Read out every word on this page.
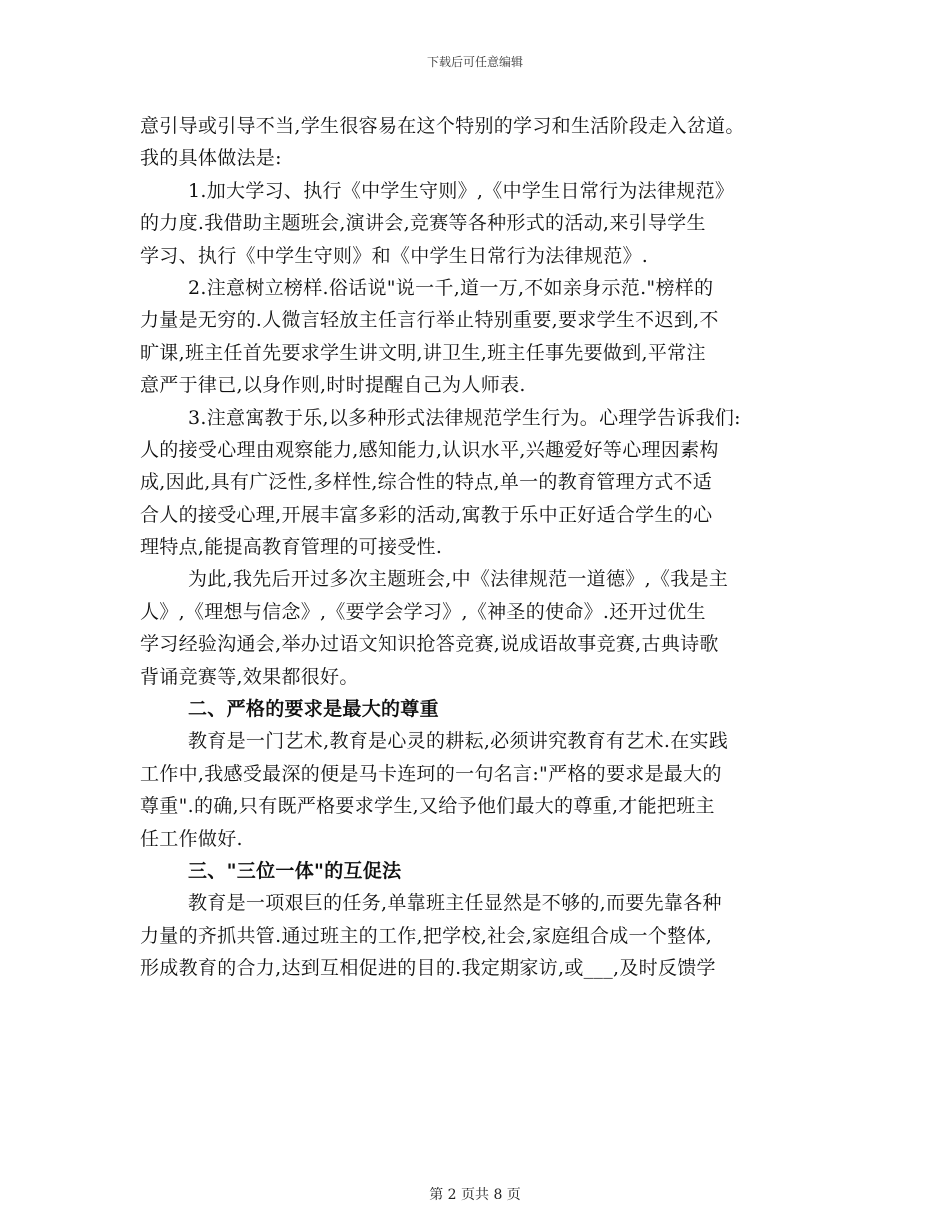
下载后可任意编辑
意引导或引导不当,学生很容易在这个特别的学习和生活阶段走入岔道。
我的具体做法是:
1.加大学习、执行《中学生守则》,《中学生日常行为法律规范》
的力度.我借助主题班会,演讲会,竞赛等各种形式的活动,来引导学生
学习、执行《中学生守则》和《中学生日常行为法律规范》.
2.注意树立榜样.俗话说"说一千,道一万,不如亲身示范."榜样的
力量是无穷的.人微言轻放主任言行举止特别重要,要求学生不迟到,不
旷课,班主任首先要求学生讲文明,讲卫生,班主任事先要做到,平常注
意严于律已,以身作则,时时提醒自己为人师表.
3.注意寓教于乐,以多种形式法律规范学生行为。心理学告诉我们:
人的接受心理由观察能力,感知能力,认识水平,兴趣爱好等心理因素构
成,因此,具有广泛性,多样性,综合性的特点,单一的教育管理方式不适
合人的接受心理,开展丰富多彩的活动,寓教于乐中正好适合学生的心
理特点,能提高教育管理的可接受性.
为此,我先后开过多次主题班会,中《法律规范一道德》,《我是主
人》,《理想与信念》,《要学会学习》,《神圣的使命》.还开过优生
学习经验沟通会,举办过语文知识抢答竞赛,说成语故事竞赛,古典诗歌
背诵竞赛等,效果都很好。
二、严格的要求是最大的尊重
教育是一门艺术,教育是心灵的耕耘,必须讲究教育有艺术.在实践
工作中,我感受最深的便是马卡连珂的一句名言:"严格的要求是最大的
尊重".的确,只有既严格要求学生,又给予他们最大的尊重,才能把班主
任工作做好.
三、"三位一体"的互促法
教育是一项艰巨的任务,单靠班主任显然是不够的,而要先靠各种
力量的齐抓共管.通过班主的工作,把学校,社会,家庭组合成一个整体,
形成教育的合力,达到互相促进的目的.我定期家访,或___,及时反馈学
第 2 页共 8 页
